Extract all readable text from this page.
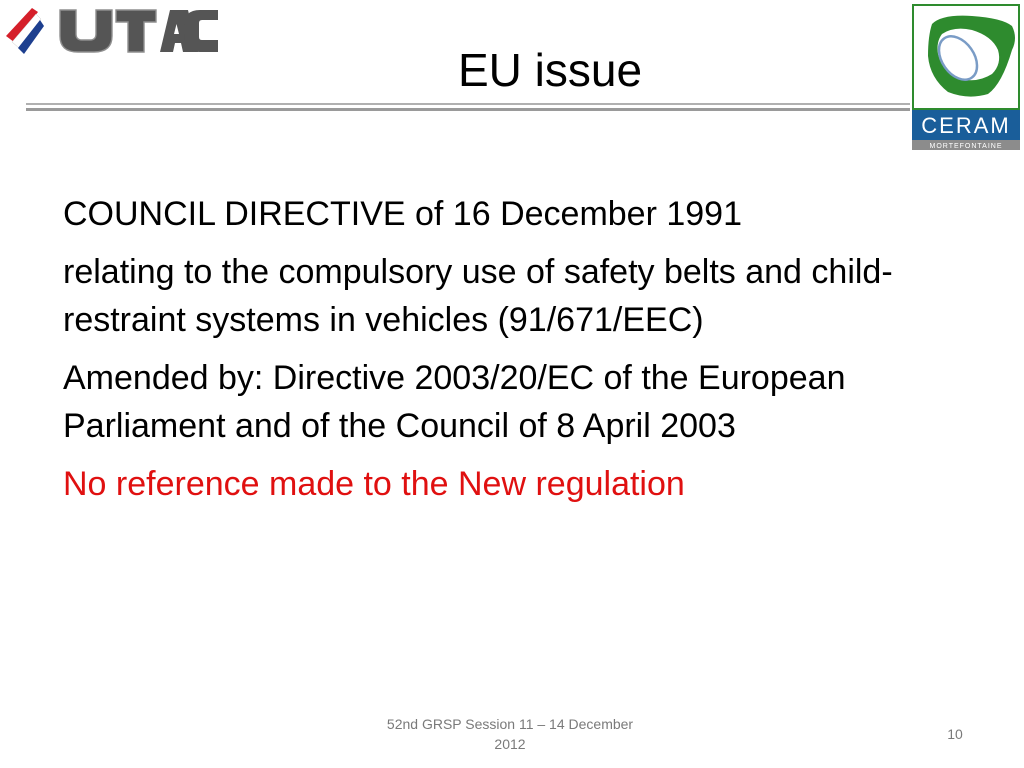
CERAM
MORTEFONTAINE
EU issue

COUNCIL DIRECTIVE of 16 December 1991

relating to the compulsory use of safety belts and child-restraint systems in vehicles (91/671/EEC)

Amended by: Directive 2003/20/EC of the European Parliament and of the Council of 8 April 2003

No reference made to the New regulation

52nd GRSP Session 11 – 14 December
2012
10
